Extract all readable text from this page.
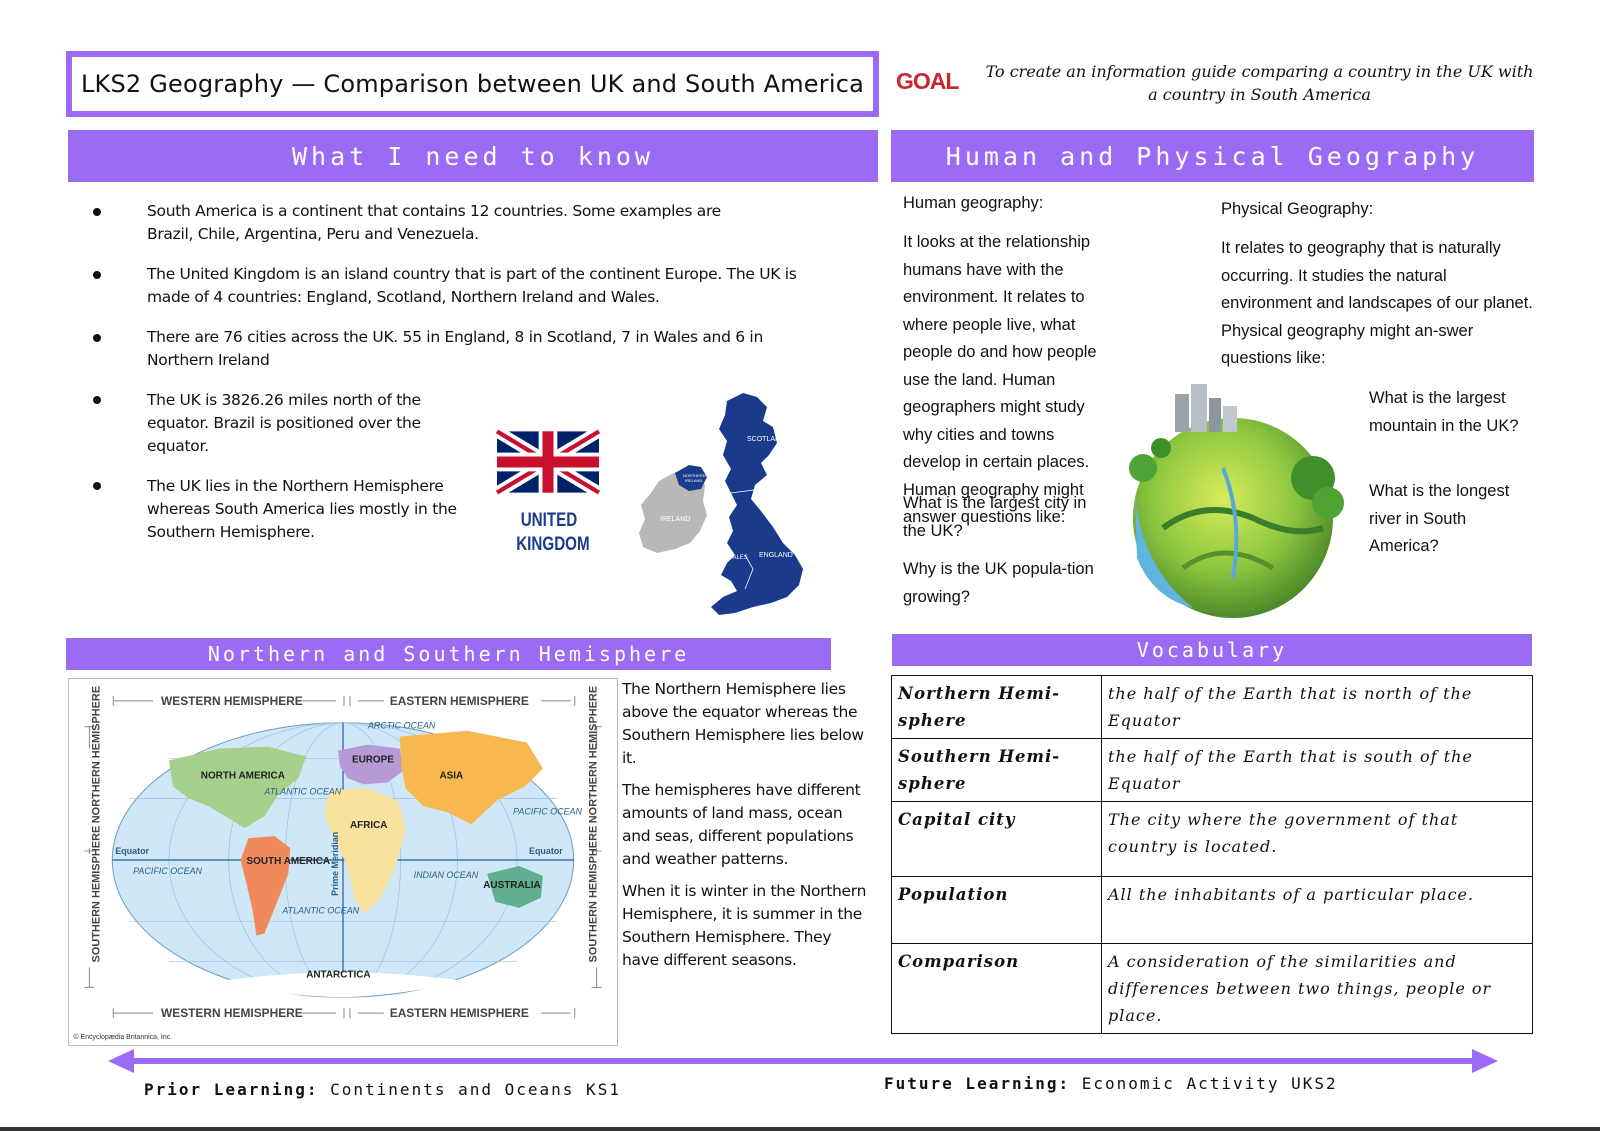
LKS2 Geography — Comparison between UK and South America GOAL	To create an information guide comparing a country in the UK with a country in South America
What I need to know
South America is a continent that contains 12 countries. Some examples are Brazil, Chile, Argentina, Peru and Venezuela.
The United Kingdom is an island country that is part of the continent Europe. The UK is made of 4 countries: England, Scotland, Northern Ireland and Wales.
There are 76 cities across the UK. 55 in England, 8 in Scotland, 7 in Wales and 6 in Northern Ireland
The UK is 3826.26 miles north of the equator. Brazil is positioned over the equator.
The UK lies in the Northern Hemisphere whereas South America lies mostly in the Southern Hemisphere.
UNITED
KINGDOM
SCOTLAND
NORTHERN
IRELAND
IRELAND
WALES ENGLAND
Human and Physical Geography
Human geography:
It looks at the relationship humans have with the environment. It relates to where people live, what people do and how people use the land. Human geographers might study why cities and towns develop in certain places. Human geography might answer questions like:
What is the largest city in the UK?
Why is the UK popula-tion growing?
Physical Geography:
It relates to geography that is naturally occurring. It studies the natural environment and landscapes of our planet. Physical geography might an-swer questions like:
What is the largest mountain in the UK?
What is the longest river in South America?
Northern and Southern Hemisphere
WESTERN HEMISPHERE	EASTERN HEMISPHERE
WESTERN HEMISPHERE	EASTERN HEMISPHERE
NORTHERN HEMISPHERE
SOUTHERN HEMISPHERE
NORTHERN HEMISPHERE
SOUTHERN HEMISPHERE
NORTH AMERICA
SOUTH AMERICA
EUROPE
ASIA
AFRICA
AUSTRALIA
ANTARCTICA
ARCTIC OCEAN
ATLANTIC OCEAN
ATLANTIC OCEAN
PACIFIC OCEAN
PACIFIC OCEAN	INDIAN OCEAN
Equator	Equator
Prime Meridian
© Encyclopædia Britannica, Inc.
The Northern Hemisphere lies above the equator whereas the Southern Hemisphere lies below it.
The hemispheres have different amounts of land mass, ocean and seas, different populations and weather patterns.
When it is winter in the Northern Hemisphere, it is summer in the Southern Hemisphere. They have different seasons.
Vocabulary
Northern Hemi-sphere	the half of the Earth that is north of the Equator
Southern Hemi-sphere	the half of the Earth that is south of the Equator
Capital city	The city where the government of that country is located.
Population	All the inhabitants of a particular place.
Comparison	A consideration of the similarities and differences between two things, people or place.
Prior Learning: Continents and Oceans KS1	Future Learning: Economic Activity UKS2
